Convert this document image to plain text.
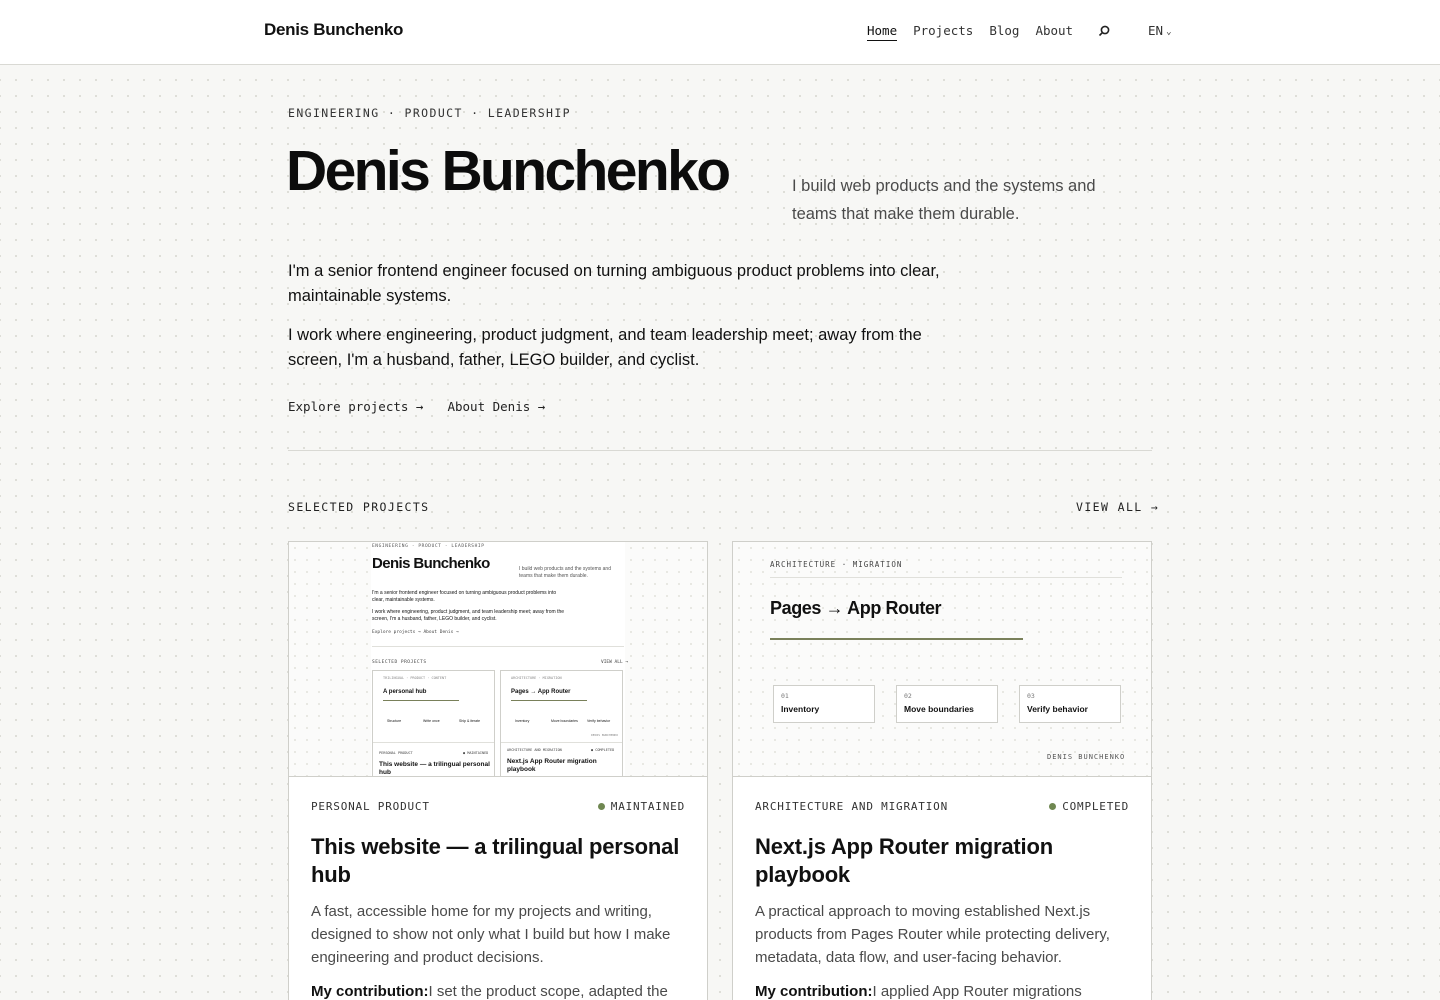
Denis Bunchenko	Home Projects Blog About	EN ⌄
ENGINEERING · PRODUCT · LEADERSHIP
Denis Bunchenko	I build web products and the systems and teams that make them durable.

I'm a senior frontend engineer focused on turning ambiguous product problems into clear, maintainable systems.

I work where engineering, product judgment, and team leadership meet; away from the screen, I'm a husband, father, LEGO builder, and cyclist.

Explore projects → About Denis →
SELECTED PROJECTS	VIEW ALL →
ENGINEERING · PRODUCT · LEADERSHIP
Denis Bunchenko	I build web products and the systems and
teams that make them durable.
I'm a senior frontend engineer focused on turning ambiguous product problems into
clear, maintainable systems.
I work where engineering, product judgment, and team leadership meet; away from the
screen, I'm a husband, father, LEGO builder, and cyclist.
Explore projects → About Denis →
SELECTED PROJECTS	VIEW ALL →
TRILINGUAL · PRODUCT · CONTENT
A personal hub
Structure	Write once	Ship & iterate
PERSONAL PRODUCT	● MAINTAINED
This website — a trilingual personal hub
ARCHITECTURE · MIGRATION
Pages → App Router
Inventory	Move boundaries	Verify behavior
DENIS BUNCHENKO
ARCHITECTURE AND MIGRATION	● COMPLETED
Next.js App Router migration playbook
PERSONAL PRODUCT	MAINTAINED
This website — a trilingual personal hub

A fast, accessible home for my projects and writing, designed to show not only what I build but how I make engineering and product decisions.

My contribution:I set the product scope, adapted the

ARCHITECTURE · MIGRATION
Pages → App Router
01
Inventory
02
Move boundaries
03
Verify behavior
DENIS BUNCHENKO
ARCHITECTURE AND MIGRATION	COMPLETED
Next.js App Router migration playbook

A practical approach to moving established Next.js products from Pages Router while protecting delivery, metadata, data flow, and user-facing behavior.

My contribution:I applied App Router migrations
